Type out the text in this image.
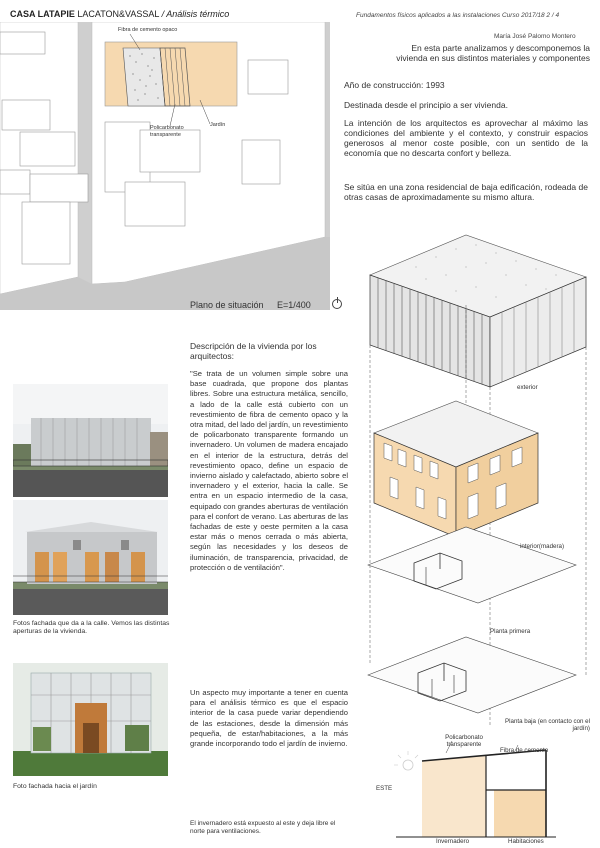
CASA LATAPIE LACATON&VASSAL / Análisis térmico	Fundamentos físicos aplicados a las instalaciones Curso 2017/18 2 / 4
María José Palomo Montero
Fibra de cemento opaco
Policarbonato transparente
Jardín
En esta parte analizamos y descomponemos la vivienda en sus distintos materiales y componentes
Año de construcción: 1993
Destinada desde el principio a ser vivienda.
La intención de los arquitectos es aprovechar al máximo las condiciones del ambiente y el contexto, y construir espacios generosos al menor coste posible, con un sentido de la economía que no descarta confort y belleza.
Se sitúa en una zona residencial de baja edificación, rodeada de otras casas de aproximadamente su mismo altura.
Plano de situación E=1/400
Descripción de la vivienda por los arquitectos:
"Se trata de un volumen simple sobre una base cuadrada, que propone dos plantas libres. Sobre una estructura metálica, sencillo, a lado de la calle está cubierto con un revestimiento de fibra de cemento opaco y la otra mitad, del lado del jardín, un revestimiento de policarbonato transparente formando un invernadero. Un volumen de madera encajado en el interior de la estructura, detrás del revestimiento opaco, define un espacio de invierno aislado y calefactado, abierto sobre el invernadero y el exterior, hacia la calle. Se entra en un espacio intermedio de la casa, equipado con grandes aberturas de ventilación para el confort de verano. Las aberturas de las fachadas de este y oeste permiten a la casa estar más o menos cerrada o más abierta, según las necesidades y los deseos de iluminación, de transparencia, privacidad, de protección o de ventilación".
Un aspecto muy importante a tener en cuenta para el análisis térmico es que el espacio interior de la casa puede variar dependiendo de las estaciones, desde la dimensión más pequeña, de estar/habitaciones, a la más grande incorporando todo el jardín de invierno.
El invernadero está expuesto al este y deja libre el norte para ventilaciones.
Fotos fachada que da a la calle. Vemos las distintas aperturas de la vivienda.
Foto fachada hacia el jardín
exterior
interior(madera)
Planta primera
Planta baja (en contacto con el jardín)
Policarbonato transparente
Fibra de cemento
ESTE
Invernadero	Habitaciones
